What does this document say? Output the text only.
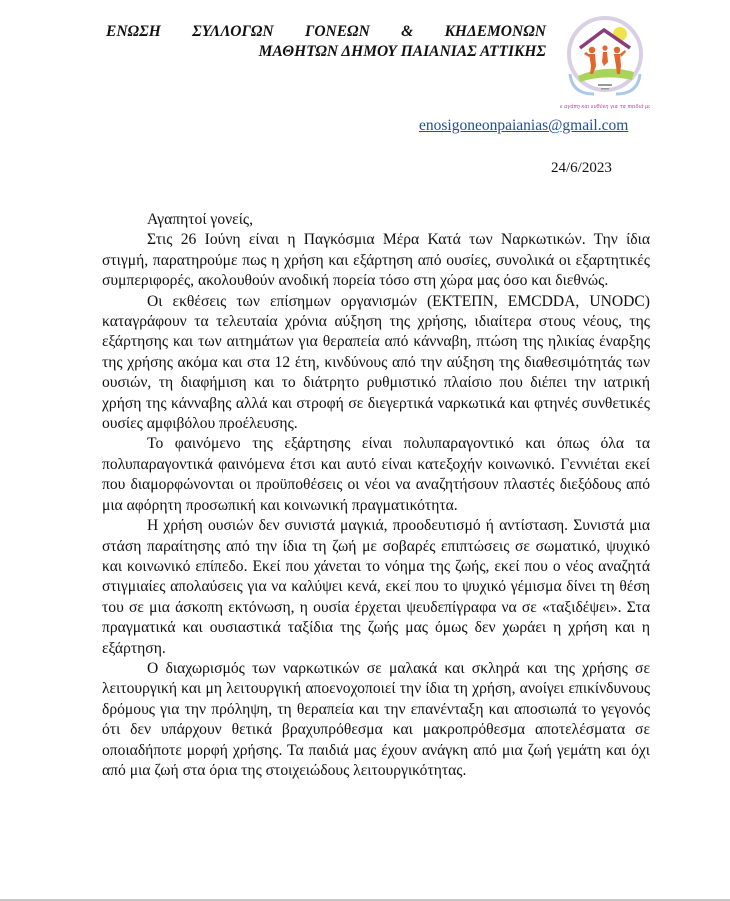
ΕΝΩΣΗ ΣΥΛΛΟΓΩΝ ΓΟΝΕΩΝ & ΚΗΔΕΜΟΝΩΝ
ΜΑΘΗΤΩΝ ΔΗΜΟΥ ΠΑΙΑΝΙΑΣ ΑΤΤΙΚΗΣ
Με αγάπη και ευθύνη για τα παιδιά μας
enosigoneonpaianias@gmail.com
24/6/2023

Αγαπητοί γονείς,

Στις 26 Ιούνη είναι η Παγκόσμια Μέρα Κατά των Ναρκωτικών. Την ίδια στιγμή, παρατηρούμε πως η χρήση και εξάρτηση από ουσίες, συνολικά οι εξαρτητικές συμπεριφορές, ακολουθούν ανοδική πορεία τόσο στη χώρα μας όσο και διεθνώς.

Οι εκθέσεις των επίσημων οργανισμών (ΕΚΤΕΠΝ, EMCDDA, UNODC) καταγράφουν τα τελευταία χρόνια αύξηση της χρήσης, ιδιαίτερα στους νέους, της εξάρτησης και των αιτημάτων για θεραπεία από κάνναβη, πτώση της ηλικίας έναρξης της χρήσης ακόμα και στα 12 έτη, κινδύνους από την αύξηση της διαθεσιμότητάς των ουσιών, τη διαφήμιση και το διάτρητο ρυθμιστικό πλαίσιο που διέπει την ιατρική χρήση της κάνναβης αλλά και στροφή σε διεγερτικά ναρκωτικά και φτηνές συνθετικές ουσίες αμφιβόλου προέλευσης.

Το φαινόμενο της εξάρτησης είναι πολυπαραγοντικό και όπως όλα τα πολυπαραγοντικά φαινόμενα έτσι και αυτό είναι κατεξοχήν κοινωνικό. Γεννιέται εκεί που διαμορφώνονται οι προϋποθέσεις οι νέοι να αναζητήσουν πλαστές διεξόδους από μια αφόρητη προσωπική και κοινωνική πραγματικότητα.

Η χρήση ουσιών δεν συνιστά μαγκιά, προοδευτισμό ή αντίσταση. Συνιστά μια στάση παραίτησης από την ίδια τη ζωή με σοβαρές επιπτώσεις σε σωματικό, ψυχικό και κοινωνικό επίπεδο. Εκεί που χάνεται το νόημα της ζωής, εκεί που ο νέος αναζητά στιγμιαίες απολαύσεις για να καλύψει κενά, εκεί που το ψυχικό γέμισμα δίνει τη θέση του σε μια άσκοπη εκτόνωση, η ουσία έρχεται ψευδεπίγραφα να σε «ταξιδέψει». Στα πραγματικά και ουσιαστικά ταξίδια της ζωής μας όμως δεν χωράει η χρήση και η εξάρτηση.

Ο διαχωρισμός των ναρκωτικών σε μαλακά και σκληρά και της χρήσης σε λειτουργική και μη λειτουργική αποενοχοποιεί την ίδια τη χρήση, ανοίγει επικίνδυνους δρόμους για την πρόληψη, τη θεραπεία και την επανένταξη και αποσιωπά το γεγονός ότι δεν υπάρχουν θετικά βραχυπρόθεσμα και μακροπρόθεσμα αποτελέσματα σε οποιαδήποτε μορφή χρήσης. Τα παιδιά μας έχουν ανάγκη από μια ζωή γεμάτη και όχι από μια ζωή στα όρια της στοιχειώδους λειτουργικότητας.
